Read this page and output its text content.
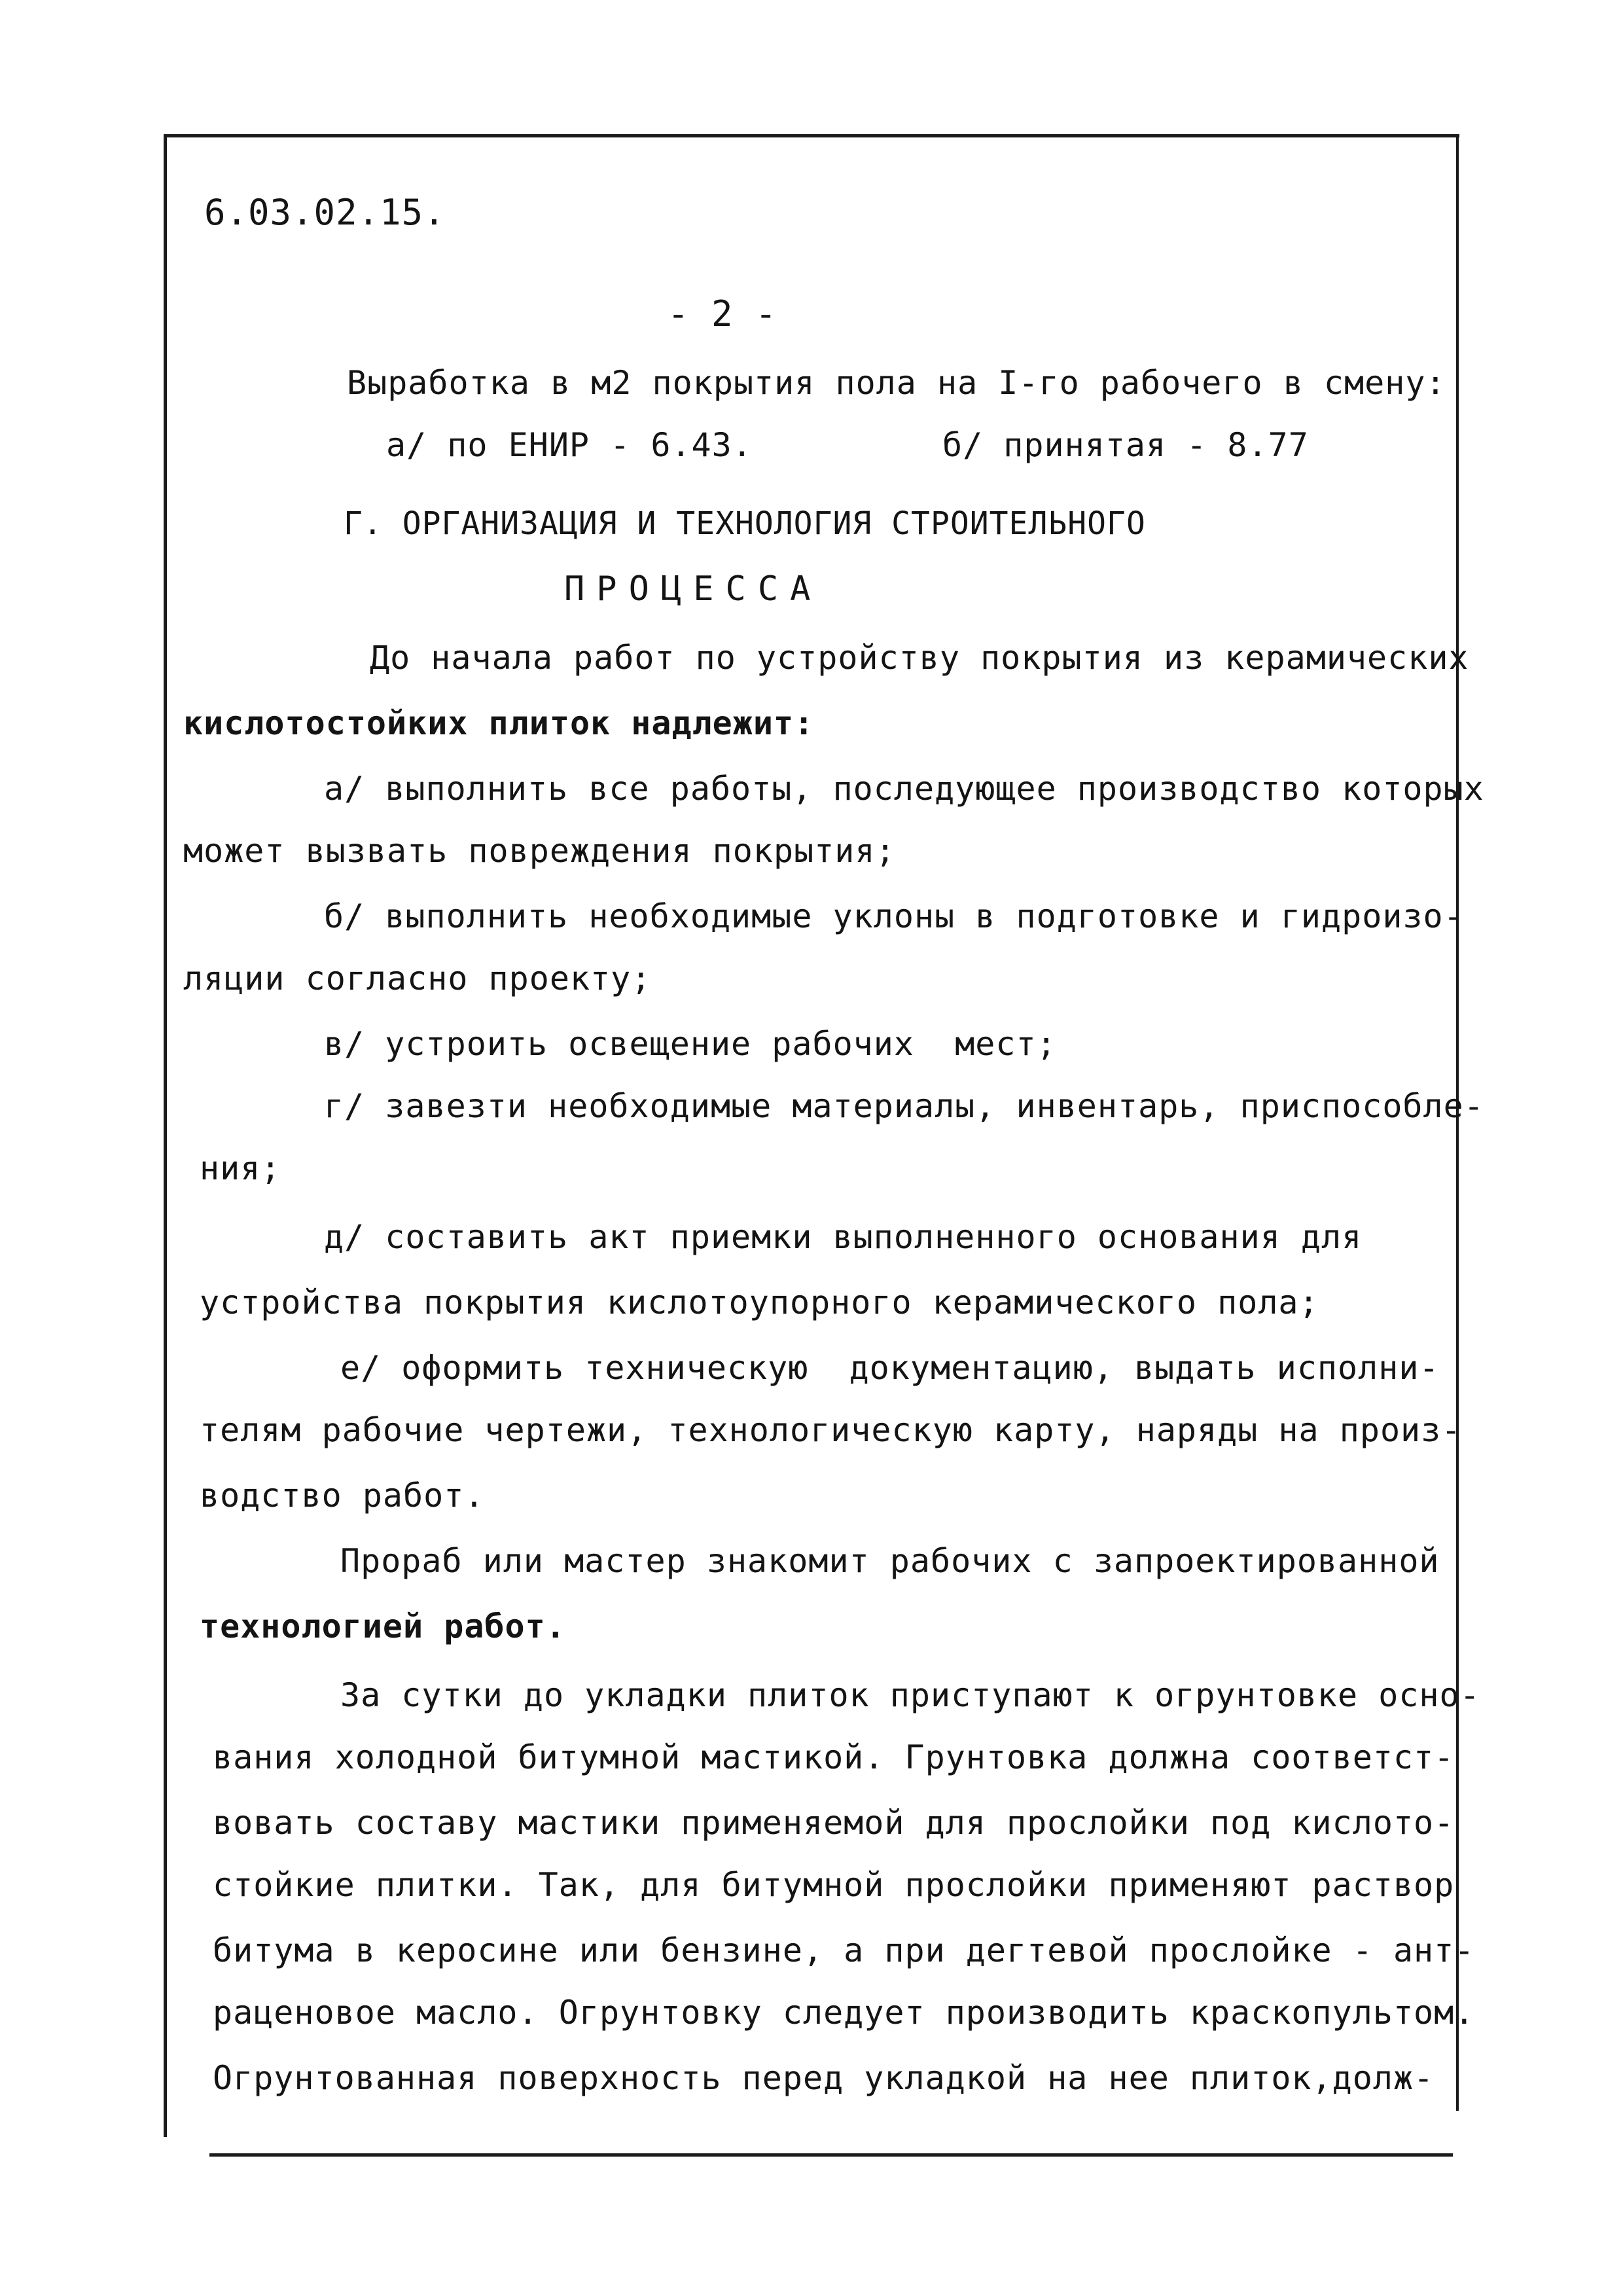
6.03.02.15.
- 2 -
Выработка в м2 покрытия пола на I-го рабочего в смену:
а/ по ЕНИР - 6.43.	б/ принятая - 8.77
Г. ОРГАНИЗАЦИЯ И ТЕХНОЛОГИЯ СТРОИТЕЛЬНОГО
ПРОЦЕССА
До начала работ по устройству покрытия из керамических
кислотостойких плиток надлежит:
а/ выполнить все работы, последующее производство которых
может вызвать повреждения покрытия;
б/ выполнить необходимые уклоны в подготовке и гидроизо-
ляции согласно проекту;
в/ устроить освещение рабочих  мест;
г/ завезти необходимые материалы, инвентарь, приспособле-
ния;
д/ составить акт приемки выполненного основания для
устройства покрытия кислотоупорного керамического пола;
е/ оформить техническую  документацию, выдать исполни-
телям рабочие чертежи, технологическую карту, наряды на произ-
водство работ.
Прораб или мастер знакомит рабочих с запроектированной
технологией работ.
За сутки до укладки плиток приступают к огрунтовке осно-
вания холодной битумной мастикой. Грунтовка должна соответст-
вовать составу мастики применяемой для прослойки под кислото-
стойкие плитки. Так, для битумной прослойки применяют раствор
битума в керосине или бензине, а при дегтевой прослойке - ант-
раценовое масло. Огрунтовку следует производить краскопультом.
Огрунтованная поверхность перед укладкой на нее плиток,долж-
